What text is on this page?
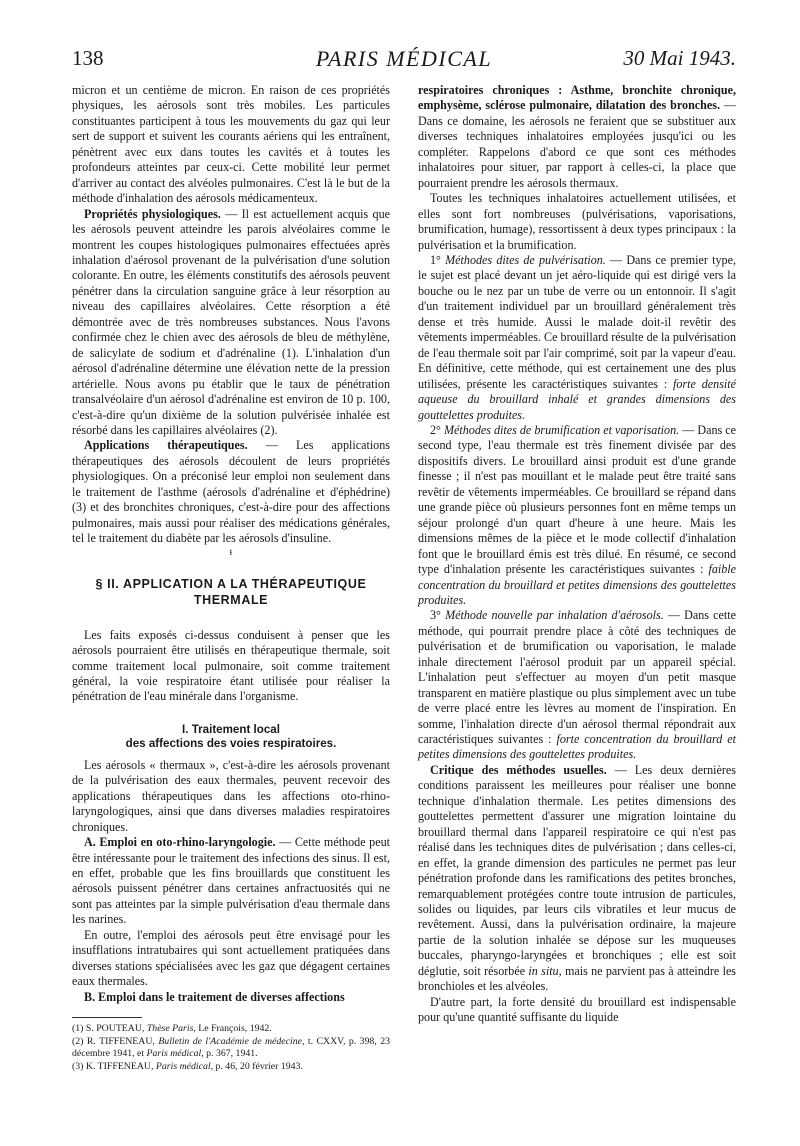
138	PARIS MÉDICAL	30 Mai 1943.

micron et un centième de micron. En raison de ces propriétés physiques, les aérosols sont très mobiles. Les particules constituantes participent à tous les mouvements du gaz qui leur sert de support et suivent les courants aériens qui les entraînent, pénètrent avec eux dans toutes les cavités et à toutes les profondeurs atteintes par ceux-ci. Cette mobilité leur permet d'arriver au contact des alvéoles pulmonaires. C'est là le but de la méthode d'inhalation des aérosols médicamenteux.

Propriétés physiologiques. — Il est actuellement acquis que les aérosols peuvent atteindre les parois alvéolaires comme le montrent les coupes histologiques pulmonaires effectuées après inhalation d'aérosol provenant de la pulvérisation d'une solution colorante. En outre, les éléments constitutifs des aérosols peuvent pénétrer dans la circulation sanguine grâce à leur résorption au niveau des capillaires alvéolaires. Cette résorption a été démontrée avec de très nombreuses substances. Nous l'avons confirmée chez le chien avec des aérosols de bleu de méthylène, de salicylate de sodium et d'adrénaline (1). L'inhalation d'un aérosol d'adrénaline détermine une élévation nette de la pression artérielle. Nous avons pu établir que le taux de pénétration transalvéolaire d'un aérosol d'adrénaline est environ de 10 p. 100, c'est-à-dire qu'un dixième de la solution pulvérisée inhalée est résorbé dans les capillaires alvéolaires (2).

Applications thérapeutiques. — Les applications thérapeutiques des aérosols découlent de leurs propriétés physiologiques. On a préconisé leur emploi non seulement dans le traitement de l'asthme (aérosols d'adrénaline et d'éphédrine) (3) et des bronchites chroniques, c'est-à-dire pour des affections pulmonaires, mais aussi pour réaliser des médications générales, tel le traitement du diabète par les aérosols d'insuline.

ŧ
§ II. APPLICATION A LA THÉRAPEUTIQUE THERMALE

Les faits exposés ci-dessus conduisent à penser que les aérosols pourraient être utilisés en thérapeutique thermale, soit comme traitement local pulmonaire, soit comme traitement général, la voie respiratoire étant utilisée pour réaliser la pénétration de l'eau minérale dans l'organisme.

I. Traitement local
des affections des voies respiratoires.

Les aérosols « thermaux », c'est-à-dire les aérosols provenant de la pulvérisation des eaux thermales, peuvent recevoir des applications thérapeutiques dans les affections oto-rhino-laryngologiques, ainsi que dans diverses maladies respiratoires chroniques.

A. Emploi en oto-rhino-laryngologie. — Cette méthode peut être intéressante pour le traitement des infections des sinus. Il est, en effet, probable que les fins brouillards que constituent les aérosols puissent pénétrer dans certaines anfractuosités qui ne sont pas atteintes par la simple pulvérisation d'eau thermale dans les narines.

En outre, l'emploi des aérosols peut être envisagé pour les insufflations intratubaires qui sont actuellement pratiquées dans diverses stations spécialisées avec les gaz que dégagent certaines eaux thermales.

B. Emploi dans le traitement de diverses affections

(1) S. POUTEAU, Thèse Paris, Le François, 1942.

(2) R. TIFFENEAU, Bulletin de l'Académie de médecine, t. CXXV, p. 398, 23 décembre 1941, et Paris médical, p. 367, 1941.

(3) K. TIFFENEAU, Paris médical, p. 46, 20 février 1943.

respiratoires chroniques : Asthme, bronchite chronique, emphysème, sclérose pulmonaire, dilatation des bronches. — Dans ce domaine, les aérosols ne feraient que se substituer aux diverses techniques inhalatoires employées jusqu'ici ou les compléter. Rappelons d'abord ce que sont ces méthodes inhalatoires pour situer, par rapport à celles-ci, la place que pourraient prendre les aérosols thermaux.

Toutes les techniques inhalatoires actuellement utilisées, et elles sont fort nombreuses (pulvérisations, vaporisations, brumification, humage), ressortissent à deux types principaux : la pulvérisation et la brumification.

1° Méthodes dites de pulvérisation. — Dans ce premier type, le sujet est placé devant un jet aéro-liquide qui est dirigé vers la bouche ou le nez par un tube de verre ou un entonnoir. Il s'agit d'un traitement individuel par un brouillard généralement très dense et très humide. Aussi le malade doit-il revêtir des vêtements imperméables. Ce brouillard résulte de la pulvérisation de l'eau thermale soit par l'air comprimé, soit par la vapeur d'eau. En définitive, cette méthode, qui est certainement une des plus utilisées, présente les caractéristiques suivantes : forte densité aqueuse du brouillard inhalé et grandes dimensions des gouttelettes produites.

2° Méthodes dites de brumification et vaporisation. — Dans ce second type, l'eau thermale est très finement divisée par des dispositifs divers. Le brouillard ainsi produit est d'une grande finesse ; il n'est pas mouillant et le malade peut être traité sans revêtir de vêtements imperméables. Ce brouillard se répand dans une grande pièce où plusieurs personnes font en même temps un séjour prolongé d'un quart d'heure à une heure. Mais les dimensions mêmes de la pièce et le mode collectif d'inhalation font que le brouillard émis est très dilué. En résumé, ce second type d'inhalation présente les caractéristiques suivantes : faible concentration du brouillard et petites dimensions des gouttelettes produites.

3° Méthode nouvelle par inhalation d'aérosols. — Dans cette méthode, qui pourrait prendre place à côté des techniques de pulvérisation et de brumification ou vaporisation, le malade inhale directement l'aérosol produit par un appareil spécial. L'inhalation peut s'effectuer au moyen d'un petit masque transparent en matière plastique ou plus simplement avec un tube de verre placé entre les lèvres au moment de l'inspiration. En somme, l'inhalation directe d'un aérosol thermal répondrait aux caractéristiques suivantes : forte concentration du brouillard et petites dimensions des gouttelettes produites.

Critique des méthodes usuelles. — Les deux dernières conditions paraissent les meilleures pour réaliser une bonne technique d'inhalation thermale. Les petites dimensions des gouttelettes permettent d'assurer une migration lointaine du brouillard thermal dans l'appareil respiratoire ce qui n'est pas réalisé dans les techniques dites de pulvérisation ; dans celles-ci, en effet, la grande dimension des particules ne permet pas leur pénétration profonde dans les ramifications des petites bronches, remarquablement protégées contre toute intrusion de particules, solides ou liquides, par leurs cils vibratiles et leur mucus de revêtement. Aussi, dans la pulvérisation ordinaire, la majeure partie de la solution inhalée se dépose sur les muqueuses buccales, pharyngo-laryngées et bronchiques ; elle est soit déglutie, soit résorbée in situ, mais ne parvient pas à atteindre les bronchioles et les alvéoles.

D'autre part, la forte densité du brouillard est indispensable pour qu'une quantité suffisante du liquide
